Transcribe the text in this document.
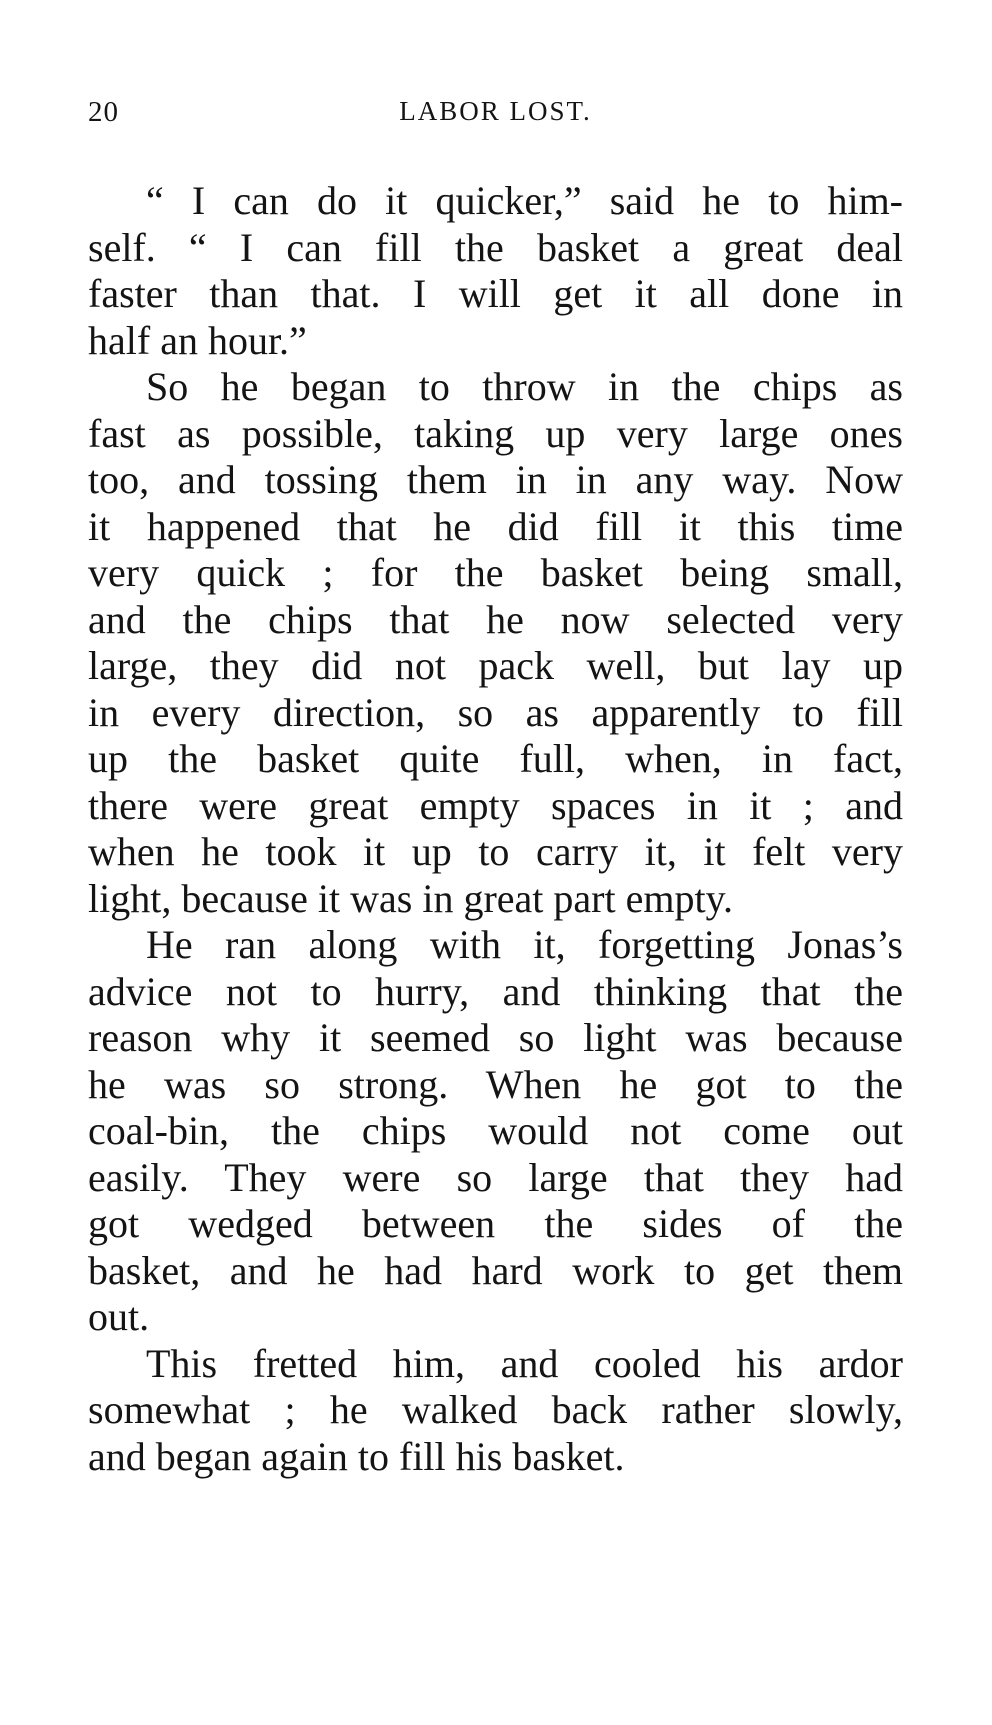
20	LABOR LOST.
“ I can do it quicker,” said he to him-
self. “ I can fill the basket a great deal
faster than that. I will get it all done in
half an hour.”
So he began to throw in the chips as
fast as possible, taking up very large ones
too, and tossing them in in any way. Now
it happened that he did fill it this time
very quick ; for the basket being small,
and the chips that he now selected very
large, they did not pack well, but lay up
in every direction, so as apparently to fill
up the basket quite full, when, in fact,
there were great empty spaces in it ; and
when he took it up to carry it, it felt very
light, because it was in great part empty.
He ran along with it, forgetting Jonas’s
advice not to hurry, and thinking that the
reason why it seemed so light was because
he was so strong. When he got to the
coal-bin, the chips would not come out
easily. They were so large that they had
got wedged between the sides of the
basket, and he had hard work to get them
out.
This fretted him, and cooled his ardor
somewhat ; he walked back rather slowly,
and began again to fill his basket.
